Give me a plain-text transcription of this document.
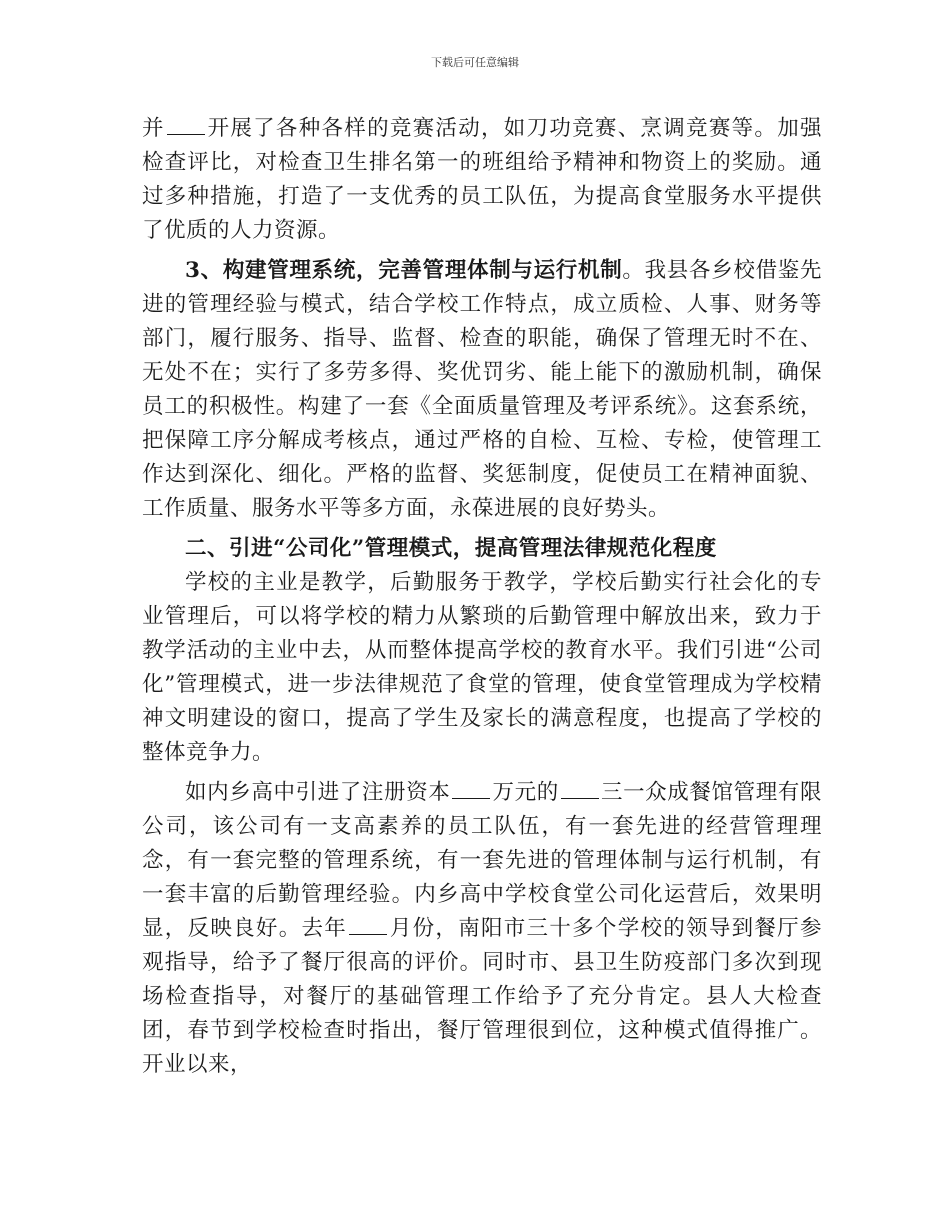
下载后可任意编辑

并 开展了各种各样的竞赛活动，如刀功竞赛、烹调竞赛等。加强检查评比，对检查卫生排名第一的班组给予精神和物资上的奖励。通过多种措施，打造了一支优秀的员工队伍，为提高食堂服务水平提供了优质的人力资源。

3、构建管理系统，完善管理体制与运行机制。我县各乡校借鉴先进的管理经验与模式，结合学校工作特点，成立质检、人事、财务等部门，履行服务、指导、监督、检查的职能，确保了管理无时不在、无处不在；实行了多劳多得、奖优罚劣、能上能下的激励机制，确保员工的积极性。构建了一套《全面质量管理及考评系统》。这套系统，把保障工序分解成考核点，通过严格的自检、互检、专检，使管理工作达到深化、细化。严格的监督、奖惩制度，促使员工在精神面貌、工作质量、服务水平等多方面，永葆进展的良好势头。

二、引进“公司化”管理模式，提高管理法律规范化程度

学校的主业是教学，后勤服务于教学，学校后勤实行社会化的专业管理后，可以将学校的精力从繁琐的后勤管理中解放出来，致力于教学活动的主业中去，从而整体提高学校的教育水平。我们引进“公司化”管理模式，进一步法律规范了食堂的管理，使食堂管理成为学校精神文明建设的窗口，提高了学生及家长的满意程度，也提高了学校的整体竞争力。

如内乡高中引进了注册资本 万元的 三一众成餐馆管理有限公司，该公司有一支高素养的员工队伍，有一套先进的经营管理理念，有一套完整的管理系统，有一套先进的管理体制与运行机制，有一套丰富的后勤管理经验。内乡高中学校食堂公司化运营后，效果明显，反映良好。去年 月份，南阳市三十多个学校的领导到餐厅参观指导，给予了餐厅很高的评价。同时市、县卫生防疫部门多次到现场检查指导，对餐厅的基础管理工作给予了充分肯定。县人大检查团，春节到学校检查时指出，餐厅管理很到位，这种模式值得推广。开业以来，
